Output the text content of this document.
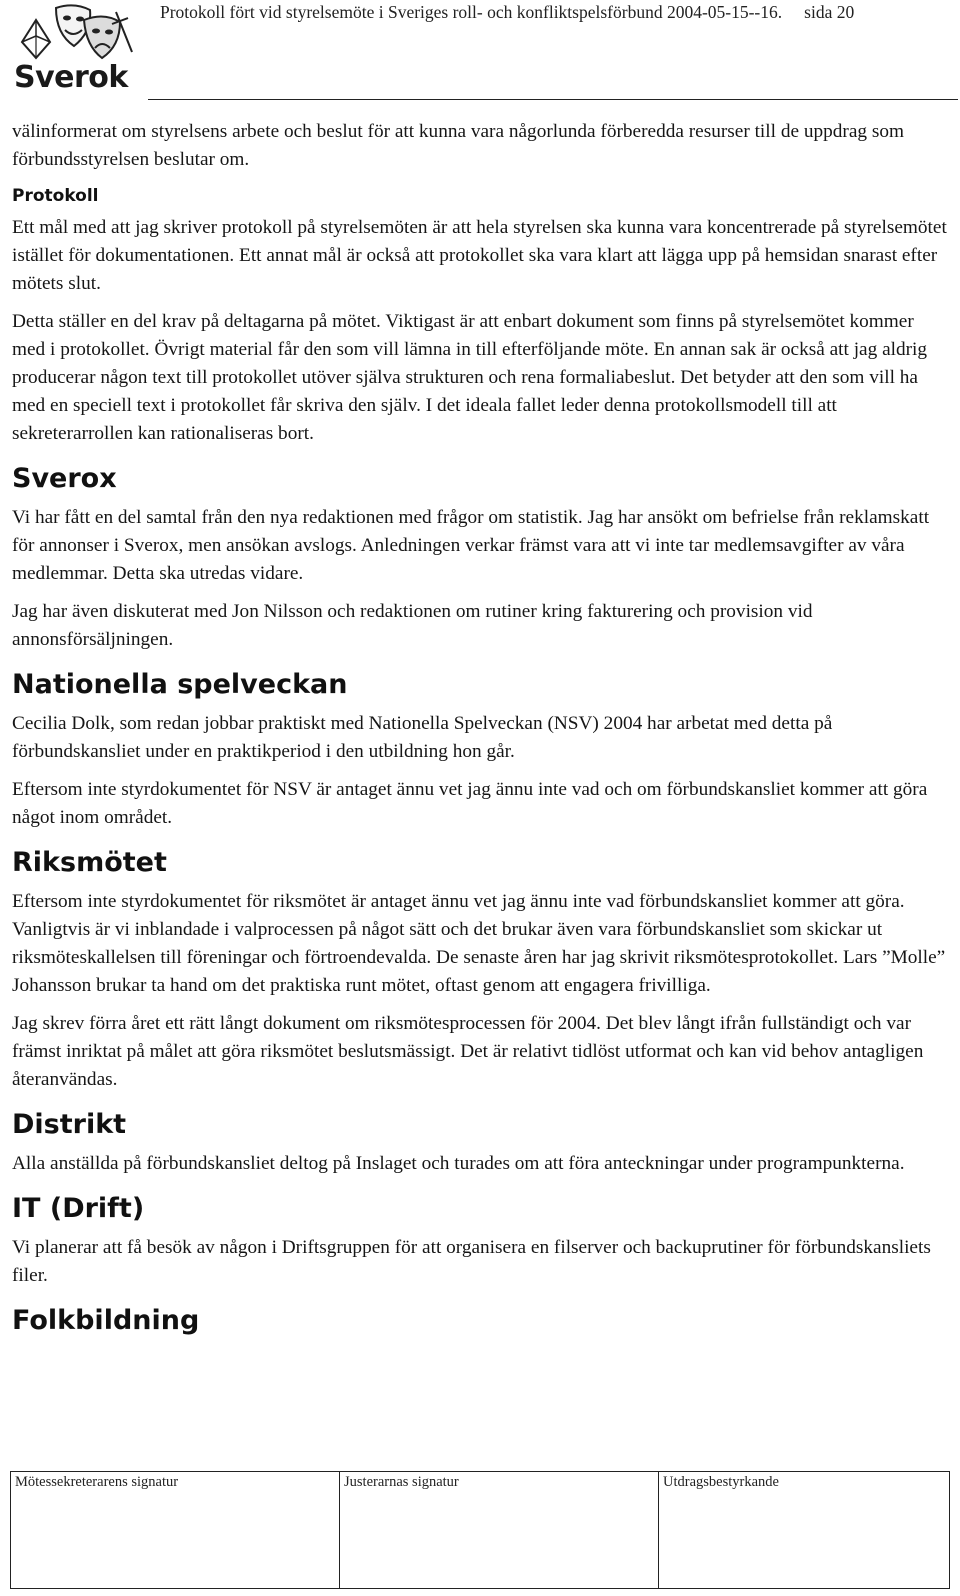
Sverok
Protokoll fört vid styrelsemöte i Sveriges roll- och konfliktspelsförbund 2004-05-15--16. sida 20

välinformerat om styrelsens arbete och beslut för att kunna vara någorlunda förberedda resurser till de uppdrag som förbundsstyrelsen beslutar om.

Protokoll

Ett mål med att jag skriver protokoll på styrelsemöten är att hela styrelsen ska kunna vara koncentrerade på styrelsemötet istället för dokumentationen. Ett annat mål är också att protokollet ska vara klart att lägga upp på hemsidan snarast efter mötets slut.

Detta ställer en del krav på deltagarna på mötet. Viktigast är att enbart dokument som finns på styrelsemötet kommer med i protokollet. Övrigt material får den som vill lämna in till efterföljande möte. En annan sak är också att jag aldrig producerar någon text till protokollet utöver själva strukturen och rena formaliabeslut. Det betyder att den som vill ha med en speciell text i protokollet får skriva den själv. I det ideala fallet leder denna protokollsmodell till att sekreterarrollen kan rationaliseras bort.

Sverox

Vi har fått en del samtal från den nya redaktionen med frågor om statistik. Jag har ansökt om befrielse från reklamskatt för annonser i Sverox, men ansökan avslogs. Anledningen verkar främst vara att vi inte tar medlemsavgifter av våra medlemmar. Detta ska utredas vidare.

Jag har även diskuterat med Jon Nilsson och redaktionen om rutiner kring fakturering och provision vid annonsförsäljningen.

Nationella spelveckan

Cecilia Dolk, som redan jobbar praktiskt med Nationella Spelveckan (NSV) 2004 har arbetat med detta på förbundskansliet under en praktikperiod i den utbildning hon går.

Eftersom inte styrdokumentet för NSV är antaget ännu vet jag ännu inte vad och om förbundskansliet kommer att göra något inom området.

Riksmötet

Eftersom inte styrdokumentet för riksmötet är antaget ännu vet jag ännu inte vad förbundskansliet kommer att göra. Vanligtvis är vi inblandade i valprocessen på något sätt och det brukar även vara förbundskansliet som skickar ut riksmöteskallelsen till föreningar och förtroendevalda. De senaste åren har jag skrivit riksmötesprotokollet. Lars ”Molle” Johansson brukar ta hand om det praktiska runt mötet, oftast genom att engagera frivilliga.

Jag skrev förra året ett rätt långt dokument om riksmötesprocessen för 2004. Det blev långt ifrån fullständigt och var främst inriktat på målet att göra riksmötet beslutsmässigt. Det är relativt tidlöst utformat och kan vid behov antagligen återanvändas.

Distrikt

Alla anställda på förbundskansliet deltog på Inslaget och turades om att föra anteckningar under programpunkterna.

IT (Drift)

Vi planerar att få besök av någon i Driftsgruppen för att organisera en filserver och backuprutiner för förbundskansliets filer.

Folkbildning
Mötessekreterarens signatur	Justerarnas signatur	Utdragsbestyrkande
